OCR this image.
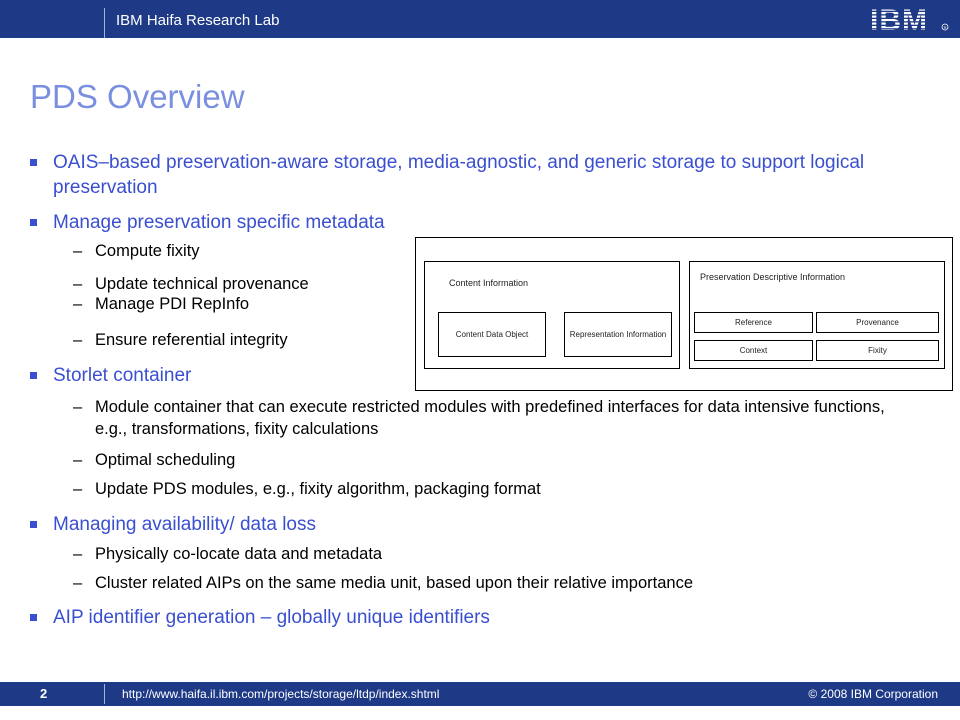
IBM Haifa Research Lab	IBM	R
PDS Overview
OAIS–based preservation-aware storage, media-agnostic, and generic storage to support logical preservation
Manage preservation specific metadata
– Compute fixity
– Update technical provenance
– Manage PDI RepInfo
– Ensure referential integrity
Storlet container
– Module container that can execute restricted modules with predefined interfaces for data intensive functions, e.g., transformations, fixity calculations
– Optimal scheduling
– Update PDS modules, e.g., fixity algorithm, packaging format
Managing availability/ data loss
– Physically co-locate data and metadata
– Cluster related AIPs on the same media unit, based upon their relative importance
AIP identifier generation – globally unique identifiers
Content Information
Content Data Object	Representation Information
Preservation Descriptive Information
Reference	Provenance
Context	Fixity
2	http://www.haifa.il.ibm.com/projects/storage/ltdp/index.shtml	© 2008 IBM Corporation
